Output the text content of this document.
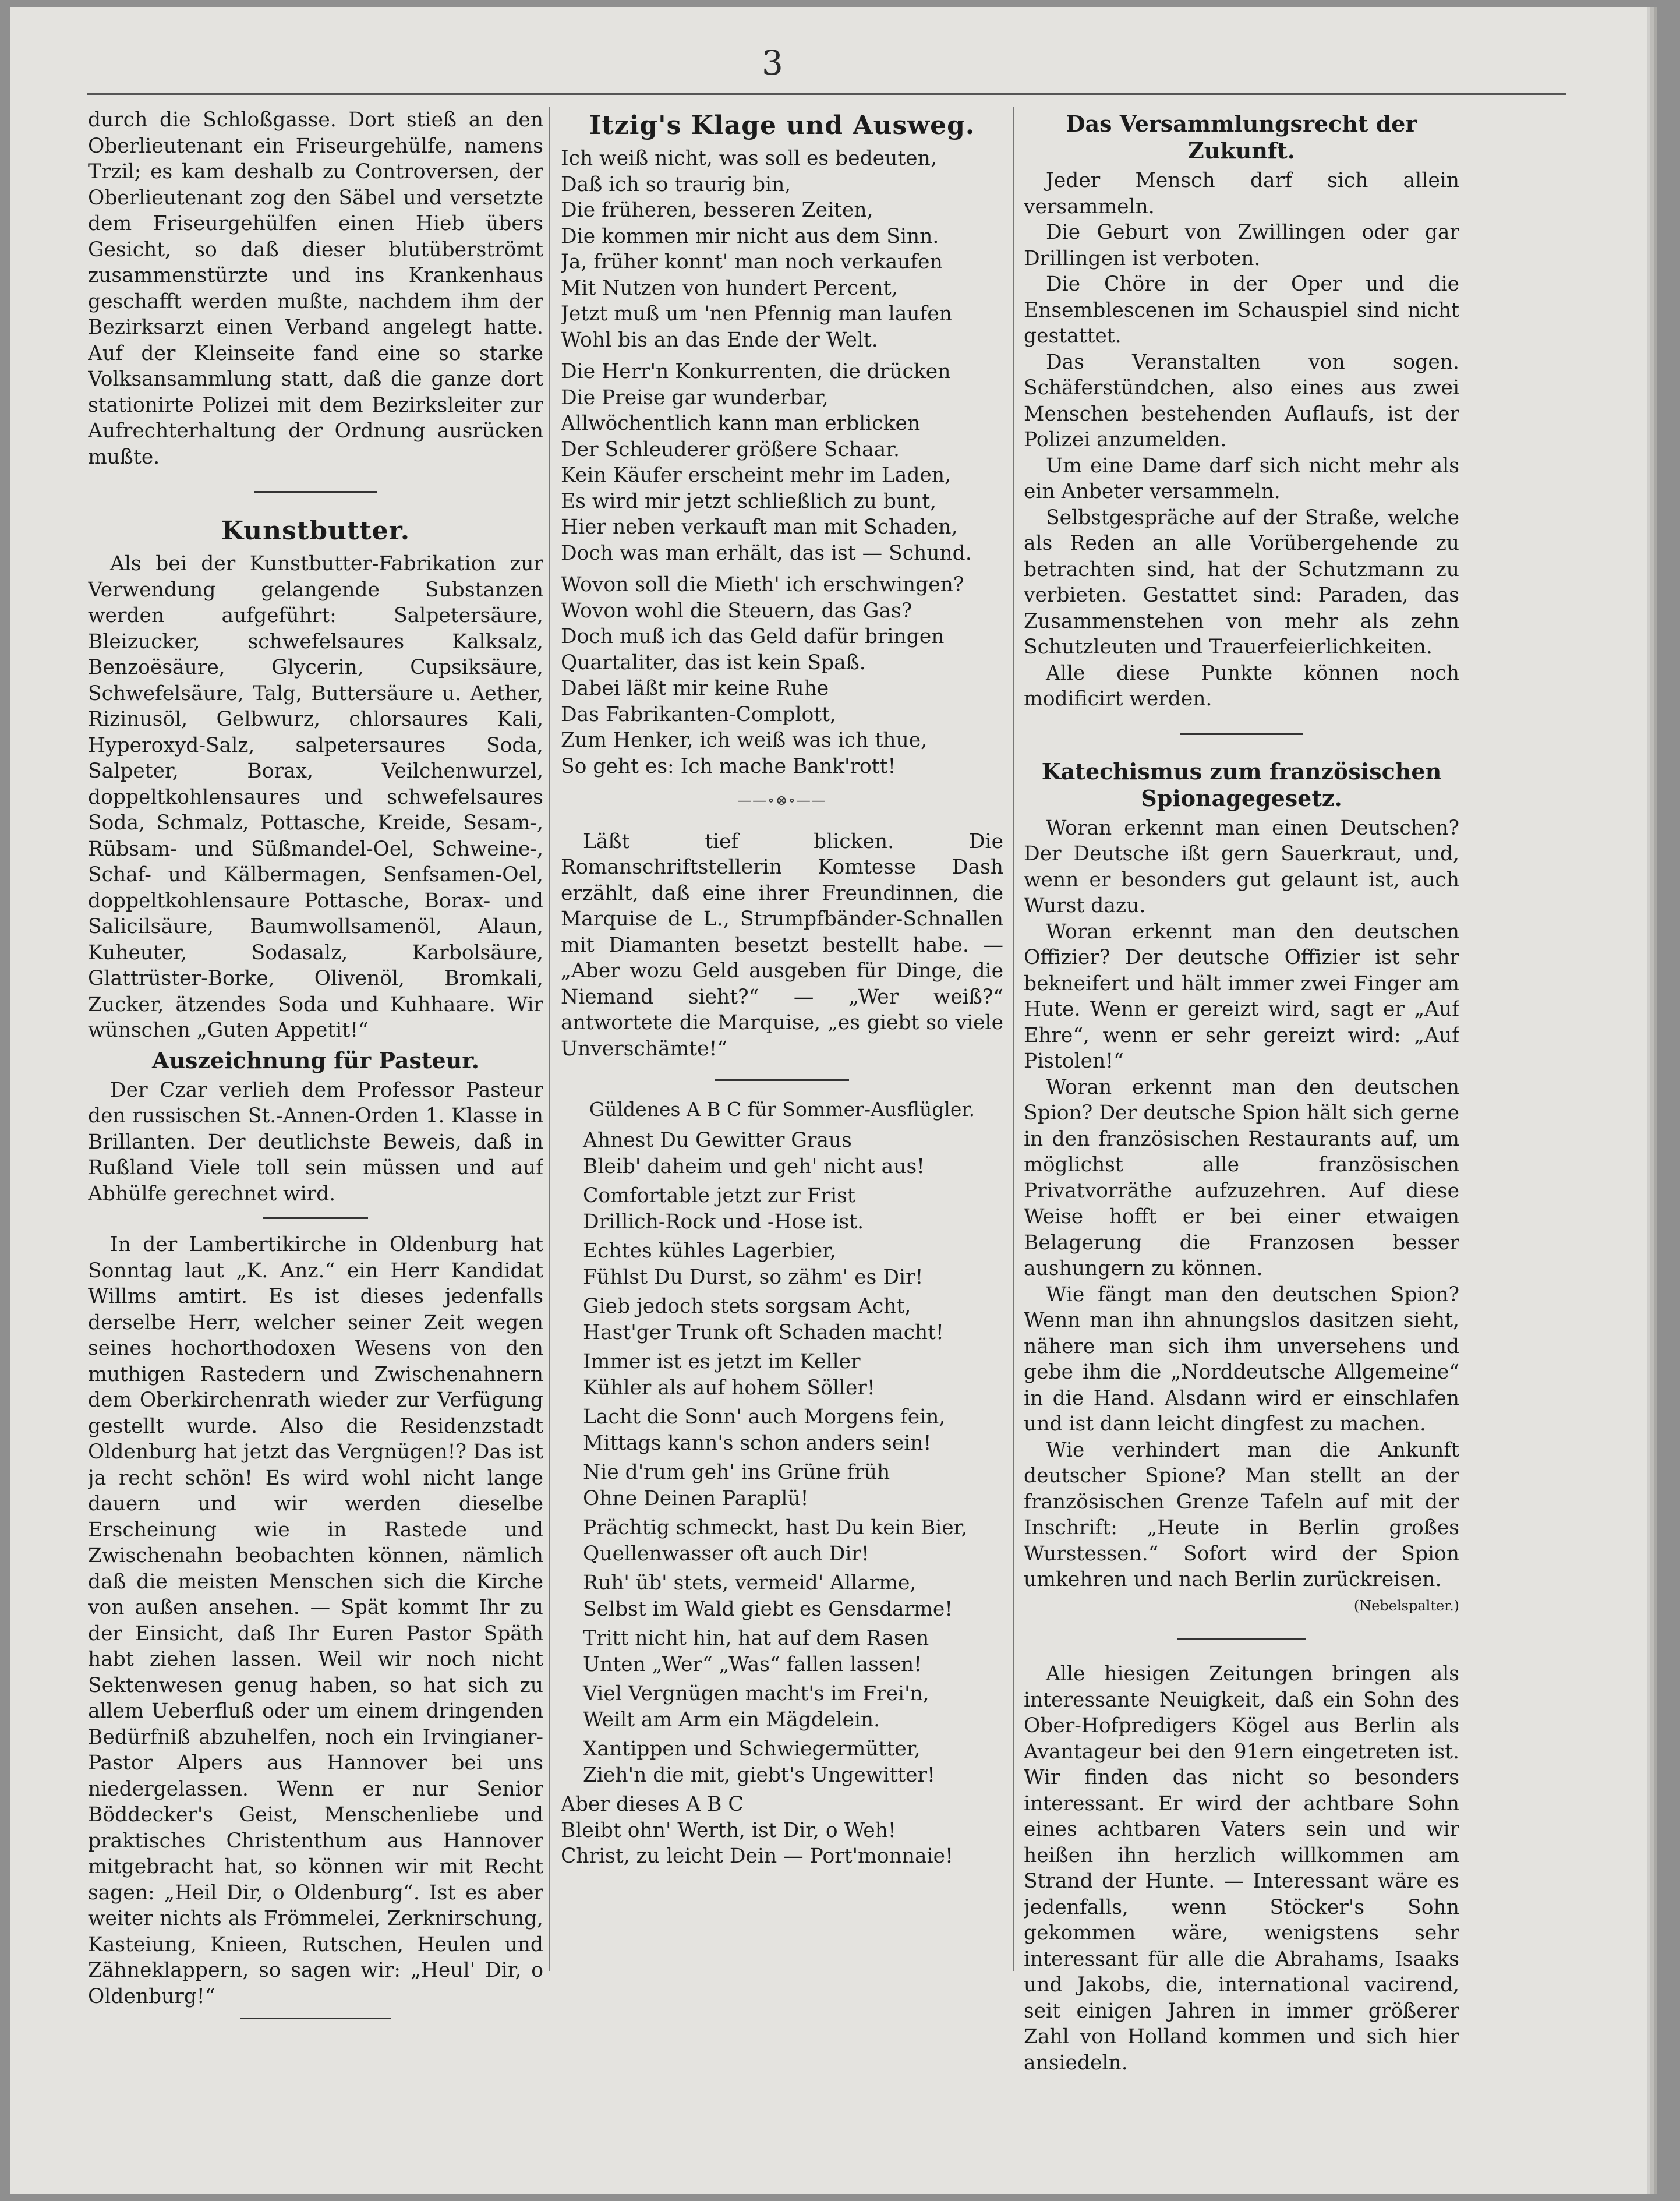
3

durch die Schloßgasse. Dort stieß an den Oberlieutenant ein Friseurgehülfe, namens Trzil; es kam deshalb zu Controversen, der Oberlieutenant zog den Säbel und versetzte dem Friseurgehülfen einen Hieb übers Gesicht, so daß dieser blutüberströmt zusammenstürzte und ins Krankenhaus geschafft werden mußte, nachdem ihm der Bezirksarzt einen Verband angelegt hatte. Auf der Kleinseite fand eine so starke Volksansammlung statt, daß die ganze dort stationirte Polizei mit dem Bezirksleiter zur Aufrechterhaltung der Ordnung ausrücken mußte.

Kunstbutter.

Als bei der Kunstbutter-Fabrikation zur Verwendung gelangende Substanzen werden aufgeführt: Salpetersäure, Bleizucker, schwefelsaures Kalksalz, Benzoësäure, Glycerin, Cupsiksäure, Schwefelsäure, Talg, Buttersäure u. Aether, Rizinusöl, Gelbwurz, chlorsaures Kali, Hyperoxyd-Salz, salpetersaures Soda, Salpeter, Borax, Veilchenwurzel, doppeltkohlensaures und schwefelsaures Soda, Schmalz, Pottasche, Kreide, Sesam-, Rübsam- und Süßmandel-Oel, Schweine-, Schaf- und Kälbermagen, Senfsamen-Oel, doppeltkohlensaure Pottasche, Borax- und Salicilsäure, Baumwollsamenöl, Alaun, Kuheuter, Sodasalz, Karbolsäure, Glattrüster-Borke, Olivenöl, Bromkali, Zucker, ätzendes Soda und Kuhhaare. Wir wünschen „Guten Appetit!“

Auszeichnung für Pasteur.

Der Czar verlieh dem Professor Pasteur den russischen St.-Annen-Orden 1. Klasse in Brillanten. Der deutlichste Beweis, daß in Rußland Viele toll sein müssen und auf Abhülfe gerechnet wird.

In der Lambertikirche in Oldenburg hat Sonntag laut „K. Anz.“ ein Herr Kandidat Willms amtirt. Es ist dieses jedenfalls derselbe Herr, welcher seiner Zeit wegen seines hochorthodoxen Wesens von den muthigen Rastedern und Zwischenahnern dem Oberkirchenrath wieder zur Verfügung gestellt wurde. Also die Residenzstadt Oldenburg hat jetzt das Vergnügen!? Das ist ja recht schön! Es wird wohl nicht lange dauern und wir werden dieselbe Erscheinung wie in Rastede und Zwischenahn beobachten können, nämlich daß die meisten Menschen sich die Kirche von außen ansehen. — Spät kommt Ihr zu der Einsicht, daß Ihr Euren Pastor Späth habt ziehen lassen. Weil wir noch nicht Sektenwesen genug haben, so hat sich zu allem Ueberfluß oder um einem dringenden Bedürfniß abzuhelfen, noch ein Irvingianer-Pastor Alpers aus Hannover bei uns niedergelassen. Wenn er nur Senior Böddecker's Geist, Menschenliebe und praktisches Christenthum aus Hannover mitgebracht hat, so können wir mit Recht sagen: „Heil Dir, o Oldenburg“. Ist es aber weiter nichts als Frömmelei, Zerknirschung, Kasteiung, Knieen, Rutschen, Heulen und Zähneklappern, so sagen wir: „Heul' Dir, o Oldenburg!“

Itzig's Klage und Ausweg.
Ich weiß nicht, was soll es bedeuten,
Daß ich so traurig bin,
Die früheren, besseren Zeiten,
Die kommen mir nicht aus dem Sinn.
Ja, früher konnt' man noch verkaufen
Mit Nutzen von hundert Percent,
Jetzt muß um 'nen Pfennig man laufen
Wohl bis an das Ende der Welt.
Die Herr'n Konkurrenten, die drücken
Die Preise gar wunderbar,
Allwöchentlich kann man erblicken
Der Schleuderer größere Schaar.
Kein Käufer erscheint mehr im Laden,
Es wird mir jetzt schließlich zu bunt,
Hier neben verkauft man mit Schaden,
Doch was man erhält, das ist — Schund.
Wovon soll die Mieth' ich erschwingen?
Wovon wohl die Steuern, das Gas?
Doch muß ich das Geld dafür bringen
Quartaliter, das ist kein Spaß.
Dabei läßt mir keine Ruhe
Das Fabrikanten-Complott,
Zum Henker, ich weiß was ich thue,
So geht es: Ich mache Bank'rott!
——∘⊗∘——

Läßt tief blicken. Die Romanschriftstellerin Komtesse Dash erzählt, daß eine ihrer Freundinnen, die Marquise de L., Strumpfbänder-Schnallen mit Diamanten besetzt bestellt habe. — „Aber wozu Geld ausgeben für Dinge, die Niemand sieht?“ — „Wer weiß?“ antwortete die Marquise, „es giebt so viele Unverschämte!“

Güldenes A B C für Sommer-Ausflügler.
Ahnest Du Gewitter Graus
Bleib' daheim und geh' nicht aus!
Comfortable jetzt zur Frist
Drillich-Rock und -Hose ist.
Echtes kühles Lagerbier,
Fühlst Du Durst, so zähm' es Dir!
Gieb jedoch stets sorgsam Acht,
Hast'ger Trunk oft Schaden macht!
Immer ist es jetzt im Keller
Kühler als auf hohem Söller!
Lacht die Sonn' auch Morgens fein,
Mittags kann's schon anders sein!
Nie d'rum geh' ins Grüne früh
Ohne Deinen Paraplü!
Prächtig schmeckt, hast Du kein Bier,
Quellenwasser oft auch Dir!
Ruh' üb' stets, vermeid' Allarme,
Selbst im Wald giebt es Gensdarme!
Tritt nicht hin, hat auf dem Rasen
Unten „Wer“ „Was“ fallen lassen!
Viel Vergnügen macht's im Frei'n,
Weilt am Arm ein Mägdelein.
Xantippen und Schwiegermütter,
Zieh'n die mit, giebt's Ungewitter!
Aber dieses A B C
Bleibt ohn' Werth, ist Dir, o Weh!
Christ, zu leicht Dein — Port'monnaie!
Das Versammlungsrecht der Zukunft.

Jeder Mensch darf sich allein versammeln.

Die Geburt von Zwillingen oder gar Drillingen ist verboten.

Die Chöre in der Oper und die Ensemblescenen im Schauspiel sind nicht gestattet.

Das Veranstalten von sogen. Schäferstündchen, also eines aus zwei Menschen bestehenden Auflaufs, ist der Polizei anzumelden.

Um eine Dame darf sich nicht mehr als ein Anbeter versammeln.

Selbstgespräche auf der Straße, welche als Reden an alle Vorübergehende zu betrachten sind, hat der Schutzmann zu verbieten. Gestattet sind: Paraden, das Zusammenstehen von mehr als zehn Schutzleuten und Trauerfeierlichkeiten.

Alle diese Punkte können noch modificirt werden.

Katechismus zum französischen Spionagegesetz.

Woran erkennt man einen Deutschen? Der Deutsche ißt gern Sauerkraut, und, wenn er besonders gut gelaunt ist, auch Wurst dazu.

Woran erkennt man den deutschen Offizier? Der deutsche Offizier ist sehr bekneifert und hält immer zwei Finger am Hute. Wenn er gereizt wird, sagt er „Auf Ehre“, wenn er sehr gereizt wird: „Auf Pistolen!“

Woran erkennt man den deutschen Spion? Der deutsche Spion hält sich gerne in den französischen Restaurants auf, um möglichst alle französischen Privatvorräthe aufzuzehren. Auf diese Weise hofft er bei einer etwaigen Belagerung die Franzosen besser aushungern zu können.

Wie fängt man den deutschen Spion? Wenn man ihn ahnungslos dasitzen sieht, nähere man sich ihm unversehens und gebe ihm die „Norddeutsche Allgemeine“ in die Hand. Alsdann wird er einschlafen und ist dann leicht dingfest zu machen.

Wie verhindert man die Ankunft deutscher Spione? Man stellt an der französischen Grenze Tafeln auf mit der Inschrift: „Heute in Berlin großes Wurstessen.“ Sofort wird der Spion umkehren und nach Berlin zurückreisen.

(Nebelspalter.)

Alle hiesigen Zeitungen bringen als interessante Neuigkeit, daß ein Sohn des Ober-Hofpredigers Kögel aus Berlin als Avantageur bei den 91ern eingetreten ist. Wir finden das nicht so besonders interessant. Er wird der achtbare Sohn eines achtbaren Vaters sein und wir heißen ihn herzlich willkommen am Strand der Hunte. — Interessant wäre es jedenfalls, wenn Stöcker's Sohn gekommen wäre, wenigstens sehr interessant für alle die Abrahams, Isaaks und Jakobs, die, international vacirend, seit einigen Jahren in immer größerer Zahl von Holland kommen und sich hier ansiedeln.
